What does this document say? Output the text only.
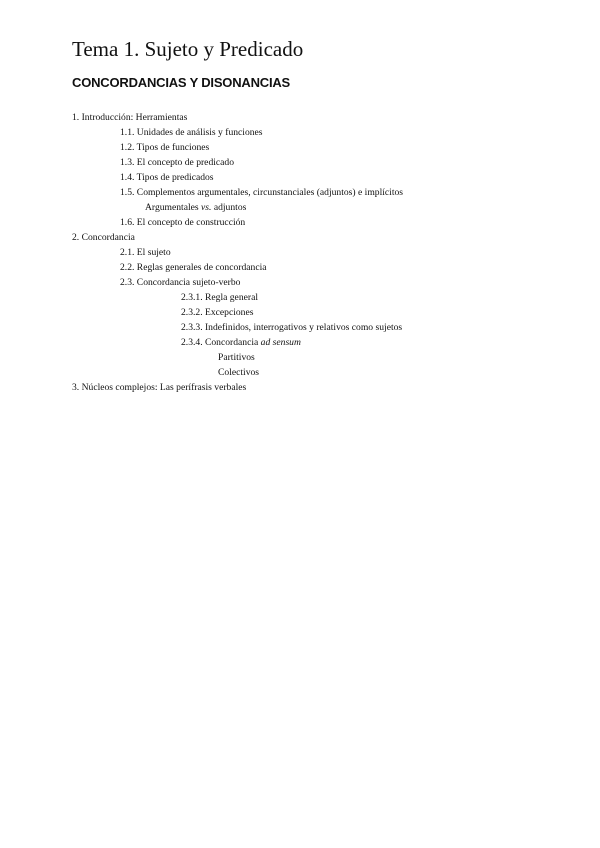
Tema 1. Sujeto y Predicado
CONCORDANCIAS Y DISONANCIAS
1. Introducción: Herramientas
1.1. Unidades de análisis y funciones
1.2. Tipos de funciones
1.3. El concepto de predicado
1.4. Tipos de predicados
1.5. Complementos argumentales, circunstanciales (adjuntos) e implícitos
Argumentales vs. adjuntos
1.6. El concepto de construcción
2. Concordancia
2.1. El sujeto
2.2. Reglas generales de concordancia
2.3. Concordancia sujeto-verbo
2.3.1. Regla general
2.3.2. Excepciones
2.3.3. Indefinidos, interrogativos y relativos como sujetos
2.3.4. Concordancia ad sensum
Partitivos
Colectivos
3. Núcleos complejos: Las perífrasis verbales
